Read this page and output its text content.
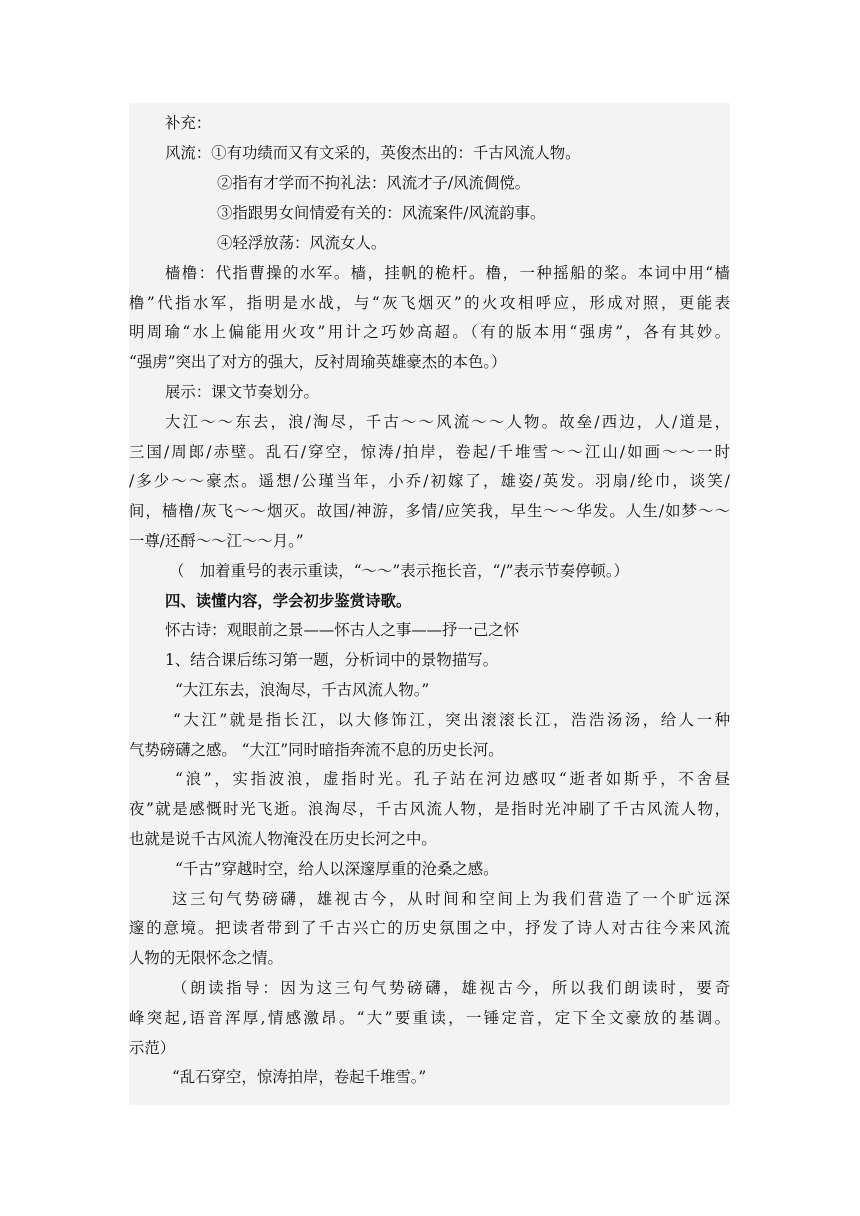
补充：
风流：①有功绩而又有文采的，英俊杰出的：千古风流人物。
②指有才学而不拘礼法：风流才子/风流倜傥。
③指跟男女间情爱有关的：风流案件/风流韵事。
④轻浮放荡：风流女人。
樯橹：代指曹操的水军。樯，挂帆的桅杆。橹，一种摇船的桨。本词中用“樯
橹”代指水军，指明是水战，与“灰飞烟灭”的火攻相呼应，形成对照，更能表
明周瑜“水上偏能用火攻”用计之巧妙高超。（有的版本用“强虏”，各有其妙。
“强虏”突出了对方的强大，反衬周瑜英雄豪杰的本色。）
展示：课文节奏划分。
大江～～东去，浪/淘尽，千古～～风流～～人物。故垒/西边，人/道是，
三国/周郎/赤壁。乱石/穿空，惊涛/拍岸，卷起/千堆雪～～江山/如画～～一时
/多少～～豪杰。遥想/公瑾当年，小乔/初嫁了，雄姿/英发。羽扇/纶巾，谈笑/
间，樯橹/灰飞～～烟灭。故国/神游，多情/应笑我，早生～～华发。人生/如梦～～
一尊/还酹～～江～～月。”
（　加着重号的表示重读，“～～”表示拖长音，“/”表示节奏停顿。）
四、读懂内容，学会初步鉴赏诗歌。
怀古诗：观眼前之景——怀古人之事——抒一己之怀
1、结合课后练习第一题，分析词中的景物描写。
“大江东去，浪淘尽，千古风流人物。”
“大江”就是指长江，以大修饰江，突出滚滚长江，浩浩汤汤，给人一种
气势磅礴之感。 “大江”同时暗指奔流不息的历史长河。
“浪”，实指波浪，虚指时光。孔子站在河边感叹“逝者如斯乎，不舍昼
夜”就是感慨时光飞逝。浪淘尽，千古风流人物，是指时光冲刷了千古风流人物，
也就是说千古风流人物淹没在历史长河之中。
“千古”穿越时空，给人以深邃厚重的沧桑之感。
这三句气势磅礴，雄视古今，从时间和空间上为我们营造了一个旷远深
邃的意境。把读者带到了千古兴亡的历史氛围之中，抒发了诗人对古往今来风流
人物的无限怀念之情。
（朗读指导：因为这三句气势磅礴，雄视古今，所以我们朗读时，要奇
峰突起,语音浑厚,情感激昂。“大”要重读，一锤定音，定下全文豪放的基调。
示范）
“乱石穿空，惊涛拍岸，卷起千堆雪。”
